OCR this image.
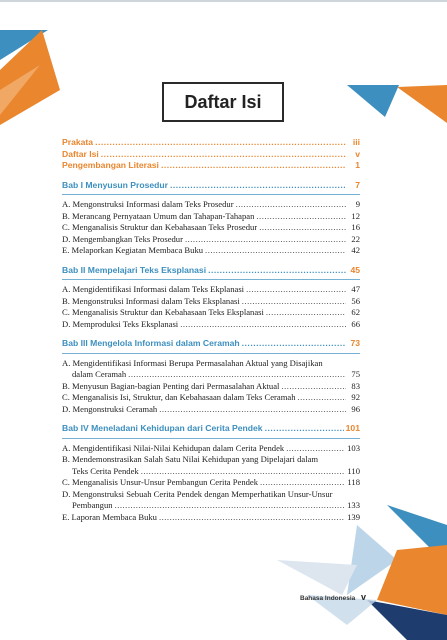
Daftar Isi
Prakata .....	iii
Daftar Isi .....	v
Pengembangan Literasi .....	1
Bab I Menyusun Prosedur .....	7
A. Mengonstruksi Informasi dalam Teks Prosedur .....	9
B. Merancang Pernyataan Umum dan Tahapan-Tahapan .....	12
C. Menganalisis Struktur dan Kebahasaan Teks Prosedur .....	16
D. Mengembangkan Teks Prosedur .....	22
E. Melaporkan Kegiatan Membaca Buku .....	42
Bab II Mempelajari Teks Eksplanasi .....	45
A. Mengidentifikasi Informasi dalam Teks Ekplanasi .....	47
B. Mengonstruksi Informasi dalam Teks Eksplanasi .....	56
C. Menganalisis Struktur dan Kebahasaan Teks Eksplanasi .....	62
D. Memproduksi Teks Eksplanasi .....	66
Bab III Mengelola Informasi dalam Ceramah .....	73
A. Mengidentifikasi Informasi Berupa Permasalahan Aktual yang Disajikan
dalam Ceramah .....	75
B. Menyusun Bagian-bagian Penting dari Permasalahan Aktual .....	83
C. Menganalisis Isi, Struktur, dan Kebahasaan dalam Teks Ceramah .....	92
D. Mengonstruksi Ceramah .....	96
Bab IV Meneladani Kehidupan dari Cerita Pendek .....	101
A. Mengidentifikasi Nilai-Nilai Kehidupan dalam Cerita Pendek .....	103
B. Mendemonstrasikan Salah Satu Nilai Kehidupan yang Dipelajari dalam
Teks Cerita Pendek .....	110
C. Menganalisis Unsur-Unsur Pembangun Cerita Pendek .....	118
D. Mengonstruksi Sebuah Cerita Pendek dengan Memperhatikan Unsur-Unsur
Pembangun .....	133
E. Laporan Membaca Buku .....	139
Bahasa Indonesia v
